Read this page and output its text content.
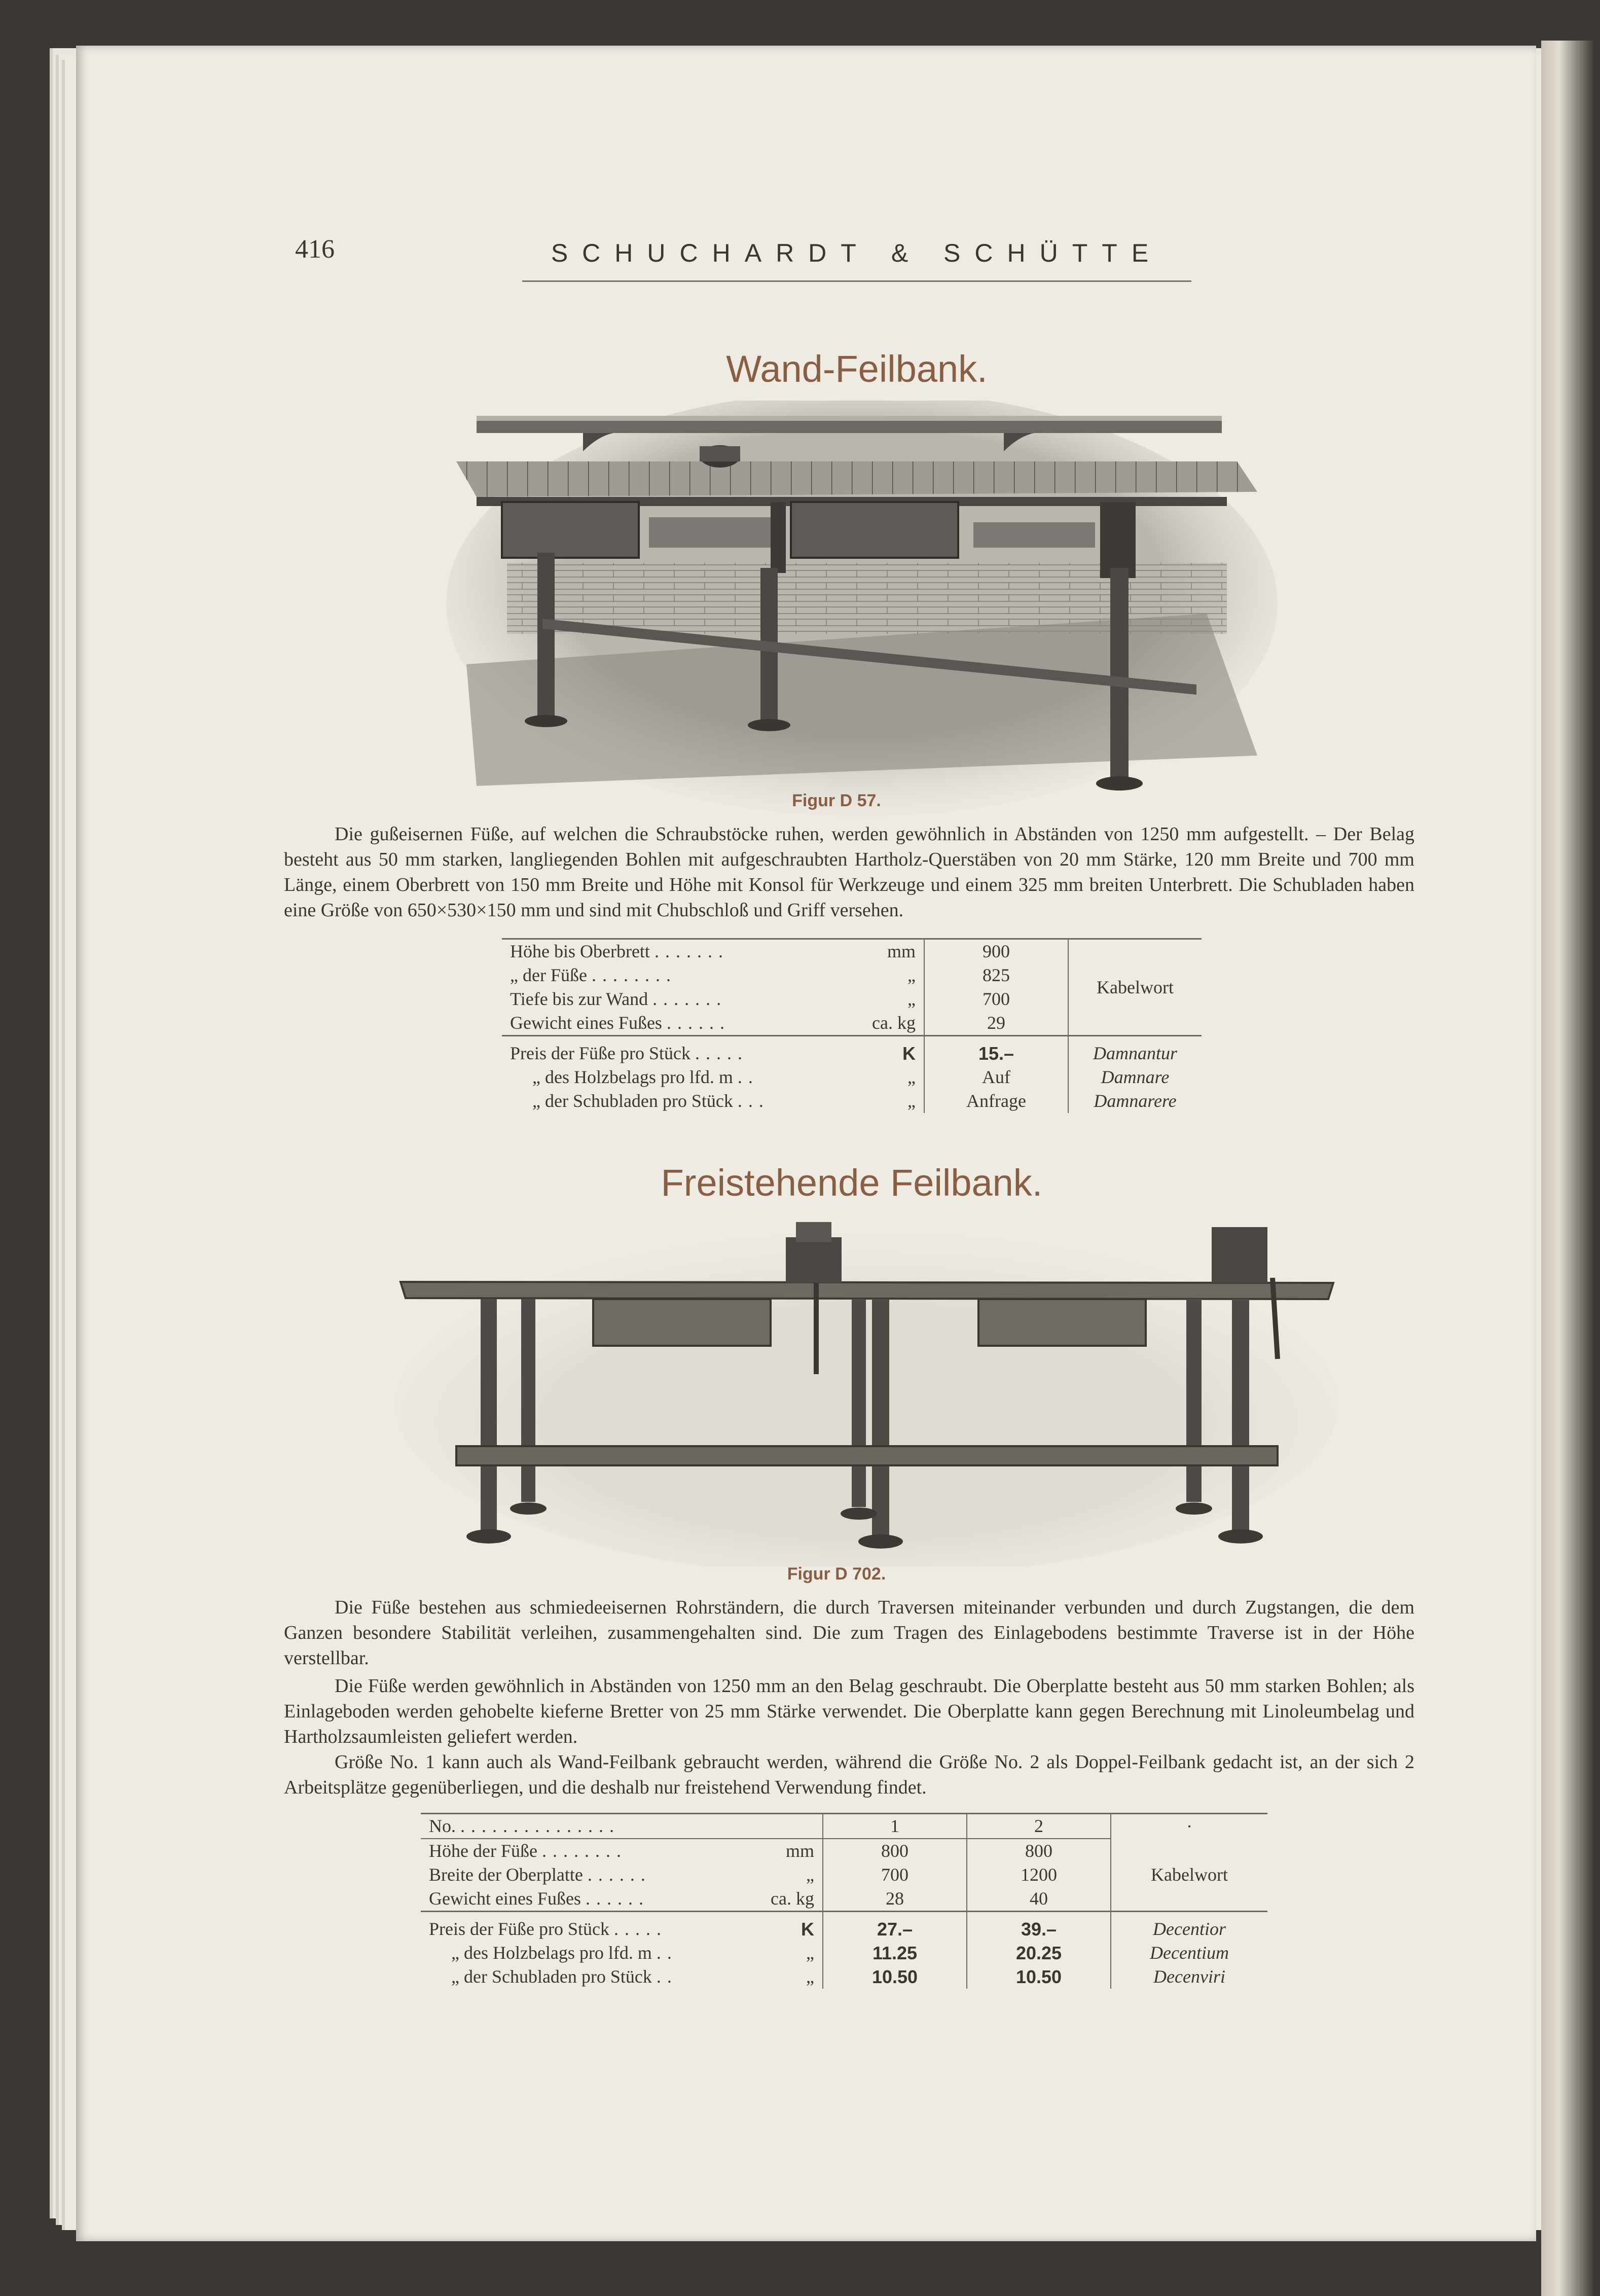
416	SCHUCHARDT & SCHÜTTE
Wand-Feilbank.
Figur D 57.

Die gußeisernen Füße, auf welchen die Schraubstöcke ruhen, werden gewöhnlich in Abständen von 1250 mm aufgestellt. – Der Belag besteht aus 50 mm starken, langliegenden Bohlen mit aufgeschraubten Hartholz-Querstäben von 20 mm Stärke, 120 mm Breite und 700 mm Länge, einem Oberbrett von 150 mm Breite und Höhe mit Konsol für Werkzeuge und einem 325 mm breiten Unterbrett. Die Schubladen haben eine Größe von 650×530×150 mm und sind mit Chubschloß und Griff versehen.

Höhe bis Oberbrett ....... mm	900	Kabelwort
„ der Füße ........ „	825	
Tiefe bis zur Wand ....... „	700	
Gewicht eines Fußes ...... ca. kg	29	

Preis der Füße pro Stück ..... K	15.–	Damnantur
„ des Holzbelags pro lfd. m .. „	Auf	Damnare
„ der Schubladen pro Stück ... „	Anfrage	Damnarere
Freistehende Feilbank.
Figur D 702.

Die Füße bestehen aus schmiedeeisernen Rohrständern, die durch Traversen miteinander verbunden und durch Zugstangen, die dem Ganzen besondere Stabilität verleihen, zusammengehalten sind. Die zum Tragen des Einlagebodens bestimmte Traverse ist in der Höhe verstellbar.

Die Füße werden gewöhnlich in Abständen von 1250 mm an den Belag geschraubt. Die Oberplatte besteht aus 50 mm starken Bohlen; als Einlageboden werden gehobelte kieferne Bretter von 25 mm Stärke verwendet. Die Oberplatte kann gegen Berechnung mit Linoleumbelag und Hartholzsaumleisten geliefert werden.

Größe No. 1 kann auch als Wand-Feilbank gebraucht werden, während die Größe No. 2 als Doppel-Feilbank gedacht ist, an der sich 2 Arbeitsplätze gegenüberliegen, und die deshalb nur freistehend Verwendung findet.

No. ...............	1	2	·
Höhe der Füße ........ mm	800	800	Kabelwort
Breite der Oberplatte ...... „	700	1200	
Gewicht eines Fußes ...... ca. kg	28	40	

Preis der Füße pro Stück ..... K	27.–	39.–	Decentior
„ des Holzbelags pro lfd. m .. „	11.25	20.25	Decentium
„ der Schubladen pro Stück .. „	10.50	10.50	Decenviri
